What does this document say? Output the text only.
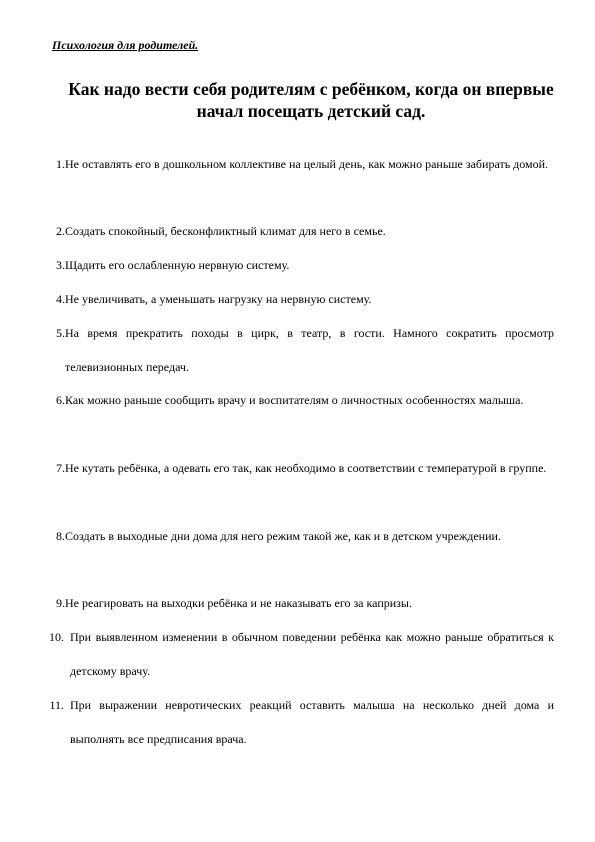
Психология для родителей.
Как надо вести себя родителям с ребёнком, когда он впервые начал посещать детский сад.
1. Не оставлять его в дошкольном коллективе на целый день, как можно раньше забирать домой.
2. Создать спокойный, бесконфликтный климат для него в семье.
3. Щадить его ослабленную нервную систему.
4. Не увеличивать, а уменьшать нагрузку на нервную систему.
5. На время прекратить походы в цирк, в театр, в гости. Намного сократить просмотр телевизионных передач.
6. Как можно раньше сообщить врачу и воспитателям о личностных особенностях малыша.
7. Не кутать ребёнка, а одевать его так, как необходимо в соответствии с температурой в группе.
8. Создать в выходные дни дома для него режим такой же, как и в детском учреждении.
9. Не реагировать на выходки ребёнка и не наказывать его за капризы.
10. При выявленном изменении в обычном поведении ребёнка как можно раньше обратиться к детскому врачу.
11. При выражении невротических реакций оставить малыша на несколько дней дома и выполнять все предписания врача.
